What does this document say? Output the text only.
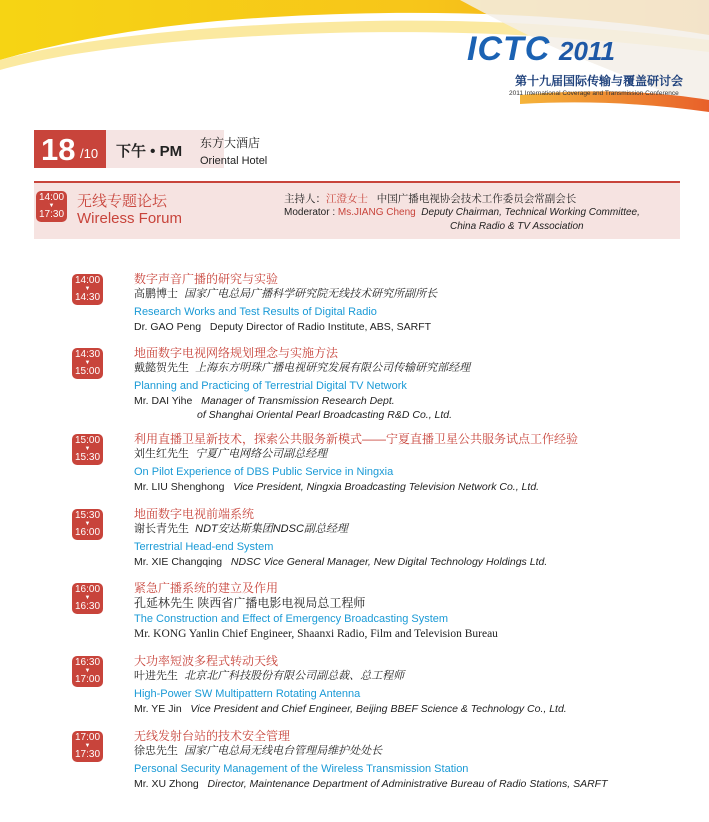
ICTC 2011
第十九届国际传输与覆盖研讨会
2011 International Coverage and Transmission Conference
18 /10 下午 • PM 东方大酒店
Oriental Hotel
14:00
▼
17:30
无线专题论坛
Wireless Forum
主持人：江澄女士 中国广播电视协会技术工作委员会常副会长
Moderator : Ms.JIANG Cheng Deputy Chairman, Technical Working Committee,
China Radio & TV Association
14:00
▼
14:30
数字声音广播的研究与实验
高鹏博士 国家广电总局广播科学研究院无线技术研究所副所长
Research Works and Test Results of Digital Radio
Dr. GAO Peng Deputy Director of Radio Institute, ABS, SARFT
14:30
▼
15:00
地面数字电视网络规划理念与实施方法
戴懿贺先生 上海东方明珠广播电视研究发展有限公司传输研究部经理
Planning and Practicing of Terrestrial Digital TV Network
Mr. DAI Yihe Manager of Transmission Research Dept.
of Shanghai Oriental Pearl Broadcasting R&D Co., Ltd.
15:00
▼
15:30
利用直播卫星新技术，探索公共服务新模式——宁夏直播卫星公共服务试点工作经验
刘生红先生 宁夏广电网络公司副总经理
On Pilot Experience of DBS Public Service in Ningxia
Mr. LIU Shenghong Vice President, Ningxia Broadcasting Television Network Co., Ltd.
15:30
▼
16:00
地面数字电视前端系统
谢长青先生 NDT安达斯集团NDSC副总经理
Terrestrial Head-end System
Mr. XIE Changqing NDSC Vice General Manager, New Digital Technology Holdings Ltd.
16:00
▼
16:30
紧急广播系统的建立及作用
孔延林先生 陕西省广播电影电视局总工程师
The Construction and Effect of Emergency Broadcasting System
Mr. KONG Yanlin Chief Engineer, Shaanxi Radio, Film and Television Bureau
16:30
▼
17:00
大功率短波多程式转动天线
叶进先生 北京北广科技股份有限公司副总裁、总工程师
High-Power SW Multipattern Rotating Antenna
Mr. YE Jin Vice President and Chief Engineer, Beijing BBEF Science & Technology Co., Ltd.
17:00
▼
17:30
无线发射台站的技术安全管理
徐忠先生 国家广电总局无线电台管理局维护处处长
Personal Security Management of the Wireless Transmission Station
Mr. XU Zhong Director, Maintenance Department of Administrative Bureau of Radio Stations, SARFT
